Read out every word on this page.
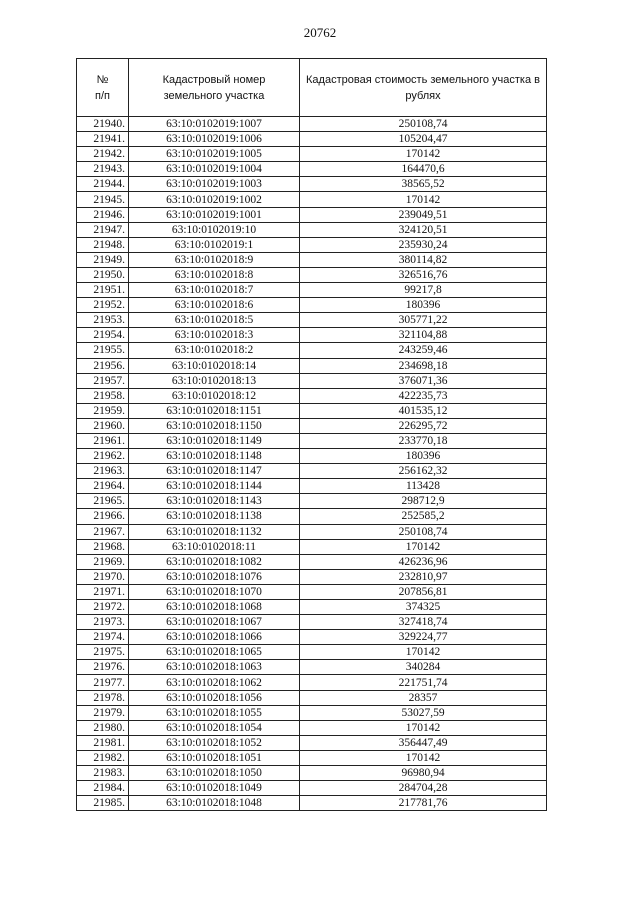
20762
№
п/п	Кадастровый номер земельного участка	Кадастровая стоимость земельного участка в рублях
21940.	63:10:0102019:1007	250108,74
21941.	63:10:0102019:1006	105204,47
21942.	63:10:0102019:1005	170142
21943.	63:10:0102019:1004	164470,6
21944.	63:10:0102019:1003	38565,52
21945.	63:10:0102019:1002	170142
21946.	63:10:0102019:1001	239049,51
21947.	63:10:0102019:10	324120,51
21948.	63:10:0102019:1	235930,24
21949.	63:10:0102018:9	380114,82
21950.	63:10:0102018:8	326516,76
21951.	63:10:0102018:7	99217,8
21952.	63:10:0102018:6	180396
21953.	63:10:0102018:5	305771,22
21954.	63:10:0102018:3	321104,88
21955.	63:10:0102018:2	243259,46
21956.	63:10:0102018:14	234698,18
21957.	63:10:0102018:13	376071,36
21958.	63:10:0102018:12	422235,73
21959.	63:10:0102018:1151	401535,12
21960.	63:10:0102018:1150	226295,72
21961.	63:10:0102018:1149	233770,18
21962.	63:10:0102018:1148	180396
21963.	63:10:0102018:1147	256162,32
21964.	63:10:0102018:1144	113428
21965.	63:10:0102018:1143	298712,9
21966.	63:10:0102018:1138	252585,2
21967.	63:10:0102018:1132	250108,74
21968.	63:10:0102018:11	170142
21969.	63:10:0102018:1082	426236,96
21970.	63:10:0102018:1076	232810,97
21971.	63:10:0102018:1070	207856,81
21972.	63:10:0102018:1068	374325
21973.	63:10:0102018:1067	327418,74
21974.	63:10:0102018:1066	329224,77
21975.	63:10:0102018:1065	170142
21976.	63:10:0102018:1063	340284
21977.	63:10:0102018:1062	221751,74
21978.	63:10:0102018:1056	28357
21979.	63:10:0102018:1055	53027,59
21980.	63:10:0102018:1054	170142
21981.	63:10:0102018:1052	356447,49
21982.	63:10:0102018:1051	170142
21983.	63:10:0102018:1050	96980,94
21984.	63:10:0102018:1049	284704,28
21985.	63:10:0102018:1048	217781,76
